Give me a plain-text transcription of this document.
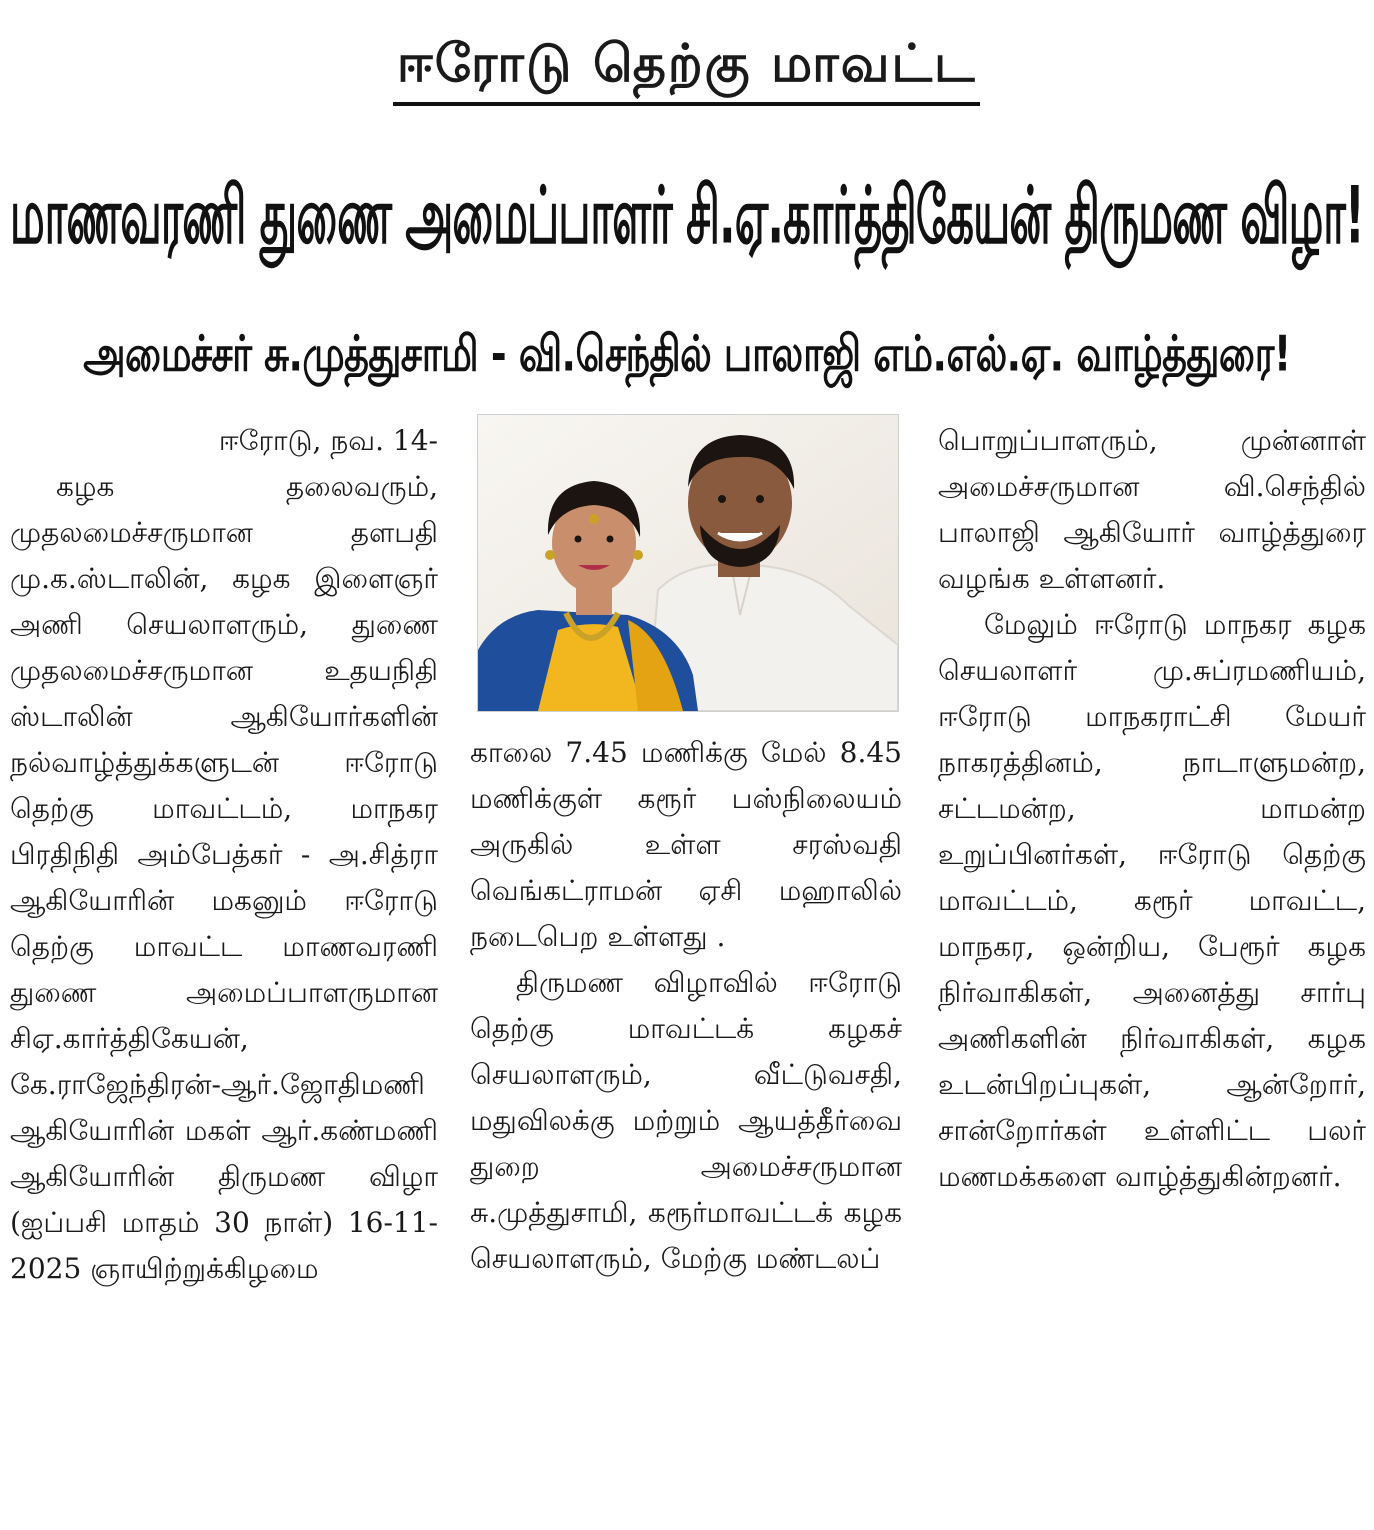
ஈரோடு தெற்கு மாவட்ட
மாணவரணி துணை அமைப்பாளர் சி.ஏ.கார்த்திகேயன் திருமண விழா!
அமைச்சர் சு.முத்துசாமி - வி.செந்தில் பாலாஜி எம்.எல்.ஏ. வாழ்த்துரை!

ஈரோடு, நவ. 14-

கழக தலைவரும், முதலமைச்சருமான தளபதி மு.க.ஸ்டாலின், கழக இளைஞர் அணி செயலாளரும், துணை முதலமைச்சருமான உதயநிதி ஸ்டாலின் ஆகியோர்களின் நல்வாழ்த்துக்களுடன் ஈரோடு தெற்கு மாவட்டம், மாநகர பிரதிநிதி அம்பேத்கர் - அ.சித்ரா ஆகியோரின் மகனும் ஈரோடு தெற்கு மாவட்ட மாணவரணி துணை அமைப்பாளருமான சிஏ.கார்த்திகேயன், கே.ராஜேந்திரன்-ஆர்.ஜோதிமணி ஆகியோரின் மகள் ஆர்.கண்மணி ஆகியோரின் திருமண விழா (ஐப்பசி மாதம் 30 நாள்) 16-11-2025 ஞாயிற்றுக்கிழமை

காலை 7.45 மணிக்கு மேல் 8.45 மணிக்குள் கரூர் பஸ்நிலையம் அருகில் உள்ள சரஸ்வதி வெங்கட்ராமன் ஏசி மஹாலில் நடைபெற உள்ளது .

திருமண விழாவில் ஈரோடு தெற்கு மாவட்டக் கழகச் செயலாளரும், வீட்டுவசதி, மதுவிலக்கு மற்றும் ஆயத்தீர்வை துறை அமைச்சருமான சு.முத்துசாமி, கரூர்மாவட்டக் கழக செயலாளரும், மேற்கு மண்டலப்

பொறுப்பாளரும், முன்னாள் அமைச்சருமான வி.செந்தில் பாலாஜி ஆகியோர் வாழ்த்துரை வழங்க உள்ளனர்.

மேலும் ஈரோடு மாநகர கழக செயலாளர் மு.சுப்ரமணியம், ஈரோடு மாநகராட்சி மேயர் நாகரத்தினம், நாடாளுமன்ற, சட்டமன்ற, மாமன்ற உறுப்பினர்கள், ஈரோடு தெற்கு மாவட்டம், கரூர் மாவட்ட, மாநகர, ஒன்றிய, பேரூர் கழக நிர்வாகிகள், அனைத்து சார்பு அணிகளின் நிர்வாகிகள், கழக உடன்பிறப்புகள், ஆன்றோர், சான்றோர்கள் உள்ளிட்ட பலர் மணமக்களை வாழ்த்துகின்றனர்.
